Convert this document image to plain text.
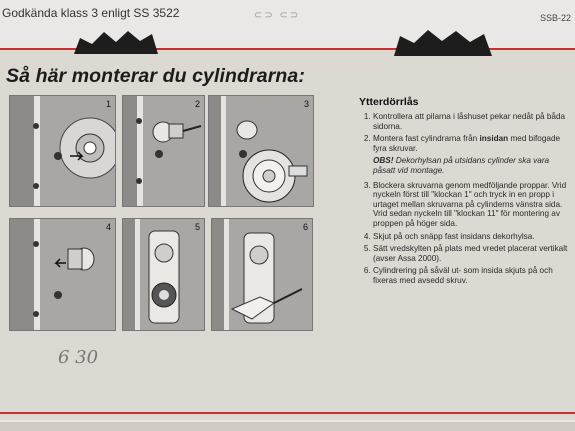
Godkända klass 3 enligt SS 3522	⊂⊃ ⊂⊃	SSB-22
Så här monterar du cylindrarna:
1	2	3
4	5	6
Ytterdörrlås
1. Kontrollera att pilarna i låshuset pekar nedåt på båda sidorna.
2. Montera fast cylindrarna från insidan med bifogade fyra skruvar.
OBS! Dekorhylsan på utsidans cylinder ska vara påsatt vid montage.
3. Blockera skruvarna genom medföljande proppar. Vrid nyckeln först till "klockan 1" och tryck in en propp i urtaget mellan skruvarna på cylinderns vänstra sida. Vrid sedan nyckeln till "klockan 11" för montering av proppen på höger sida.
4. Skjut på och snäpp fast insidans dekorhylsa.
5. Sätt vredskylten på plats med vredet placerat vertikalt (avser Assa 2000).
6. Cylindrering på såväl ut- som insida skjuts på och fixeras med avsedd skruv.
6 30
